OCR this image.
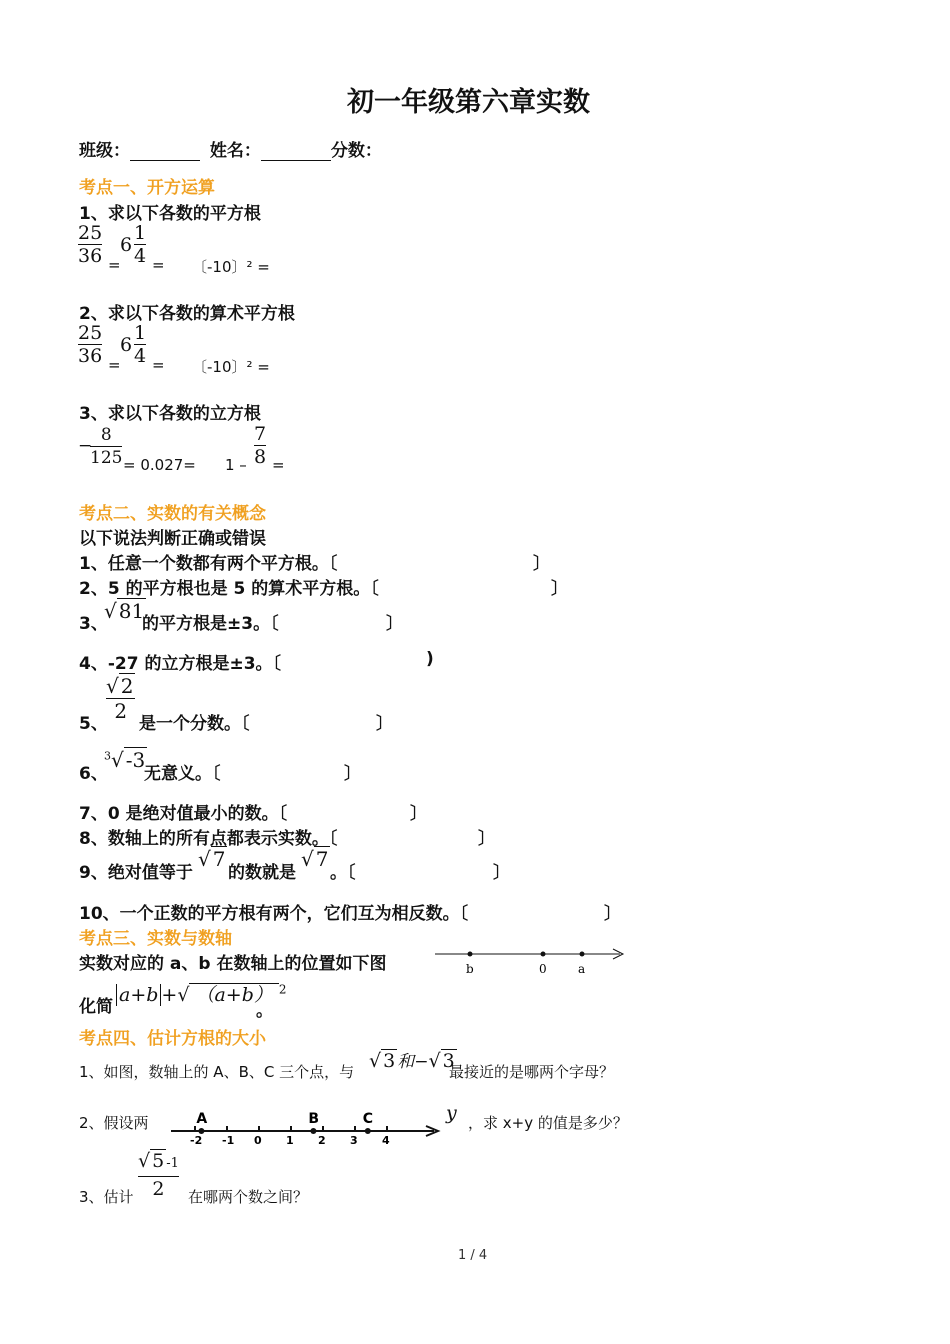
初一年级第六章实数
班级：	姓名：	分数：
考点一、开方运算
1、求以下各数的平方根
$\frac{25}{36}$ =
$6 \frac{1}{4}$ = 〔-10〕² =
2、求以下各数的算术平方根
$\frac{25}{36}$ =
$6 \frac{1}{4}$ = 〔-10〕² =
3、求以下各数的立方根
−
$\frac{8}{125} = 0.027= 1 - \frac{7}{8}$ =
考点二、实数的有关概念
以下说法判断正确或错误
1、任意一个数都有两个平方根。〔	〕
2、5 的平方根也是 5 的算术平方根。〔	〕
3、
√ 81
的平方根是±3。〔	〕
4、-27 的立方根是±3。〔	)
5、
$\frac{√ 2}{2}$
是一个分数。〔	〕
6、
$^3$√ -3
无意义。〔	〕
7、0 是绝对值最小的数。〔	〕
8、数轴上的所有点都表示实数。〔	〕
9、绝对值等于
√ 7
的数就是
√ 7
。〔	〕
10、一个正数的平方根有两个，它们互为相反数。〔	〕
考点三、实数与数轴
实数对应的 a、b 在数轴上的位置如下图	b	0	a
化简
a+b +√ （a+b） $^2$
。
考点四、估计方根的大小
1、如图，数轴上的 A、B、C 三个点，与 √ 3 和−√ 3
最接近的是哪两个字母？
2、假设两
-2 -1 0 1 2 3 4
A	B	C	y ，求 x+y 的值是多少？
$\frac{√ 5 -1}{2}$
3、估计	在哪两个数之间？
1 / 4
